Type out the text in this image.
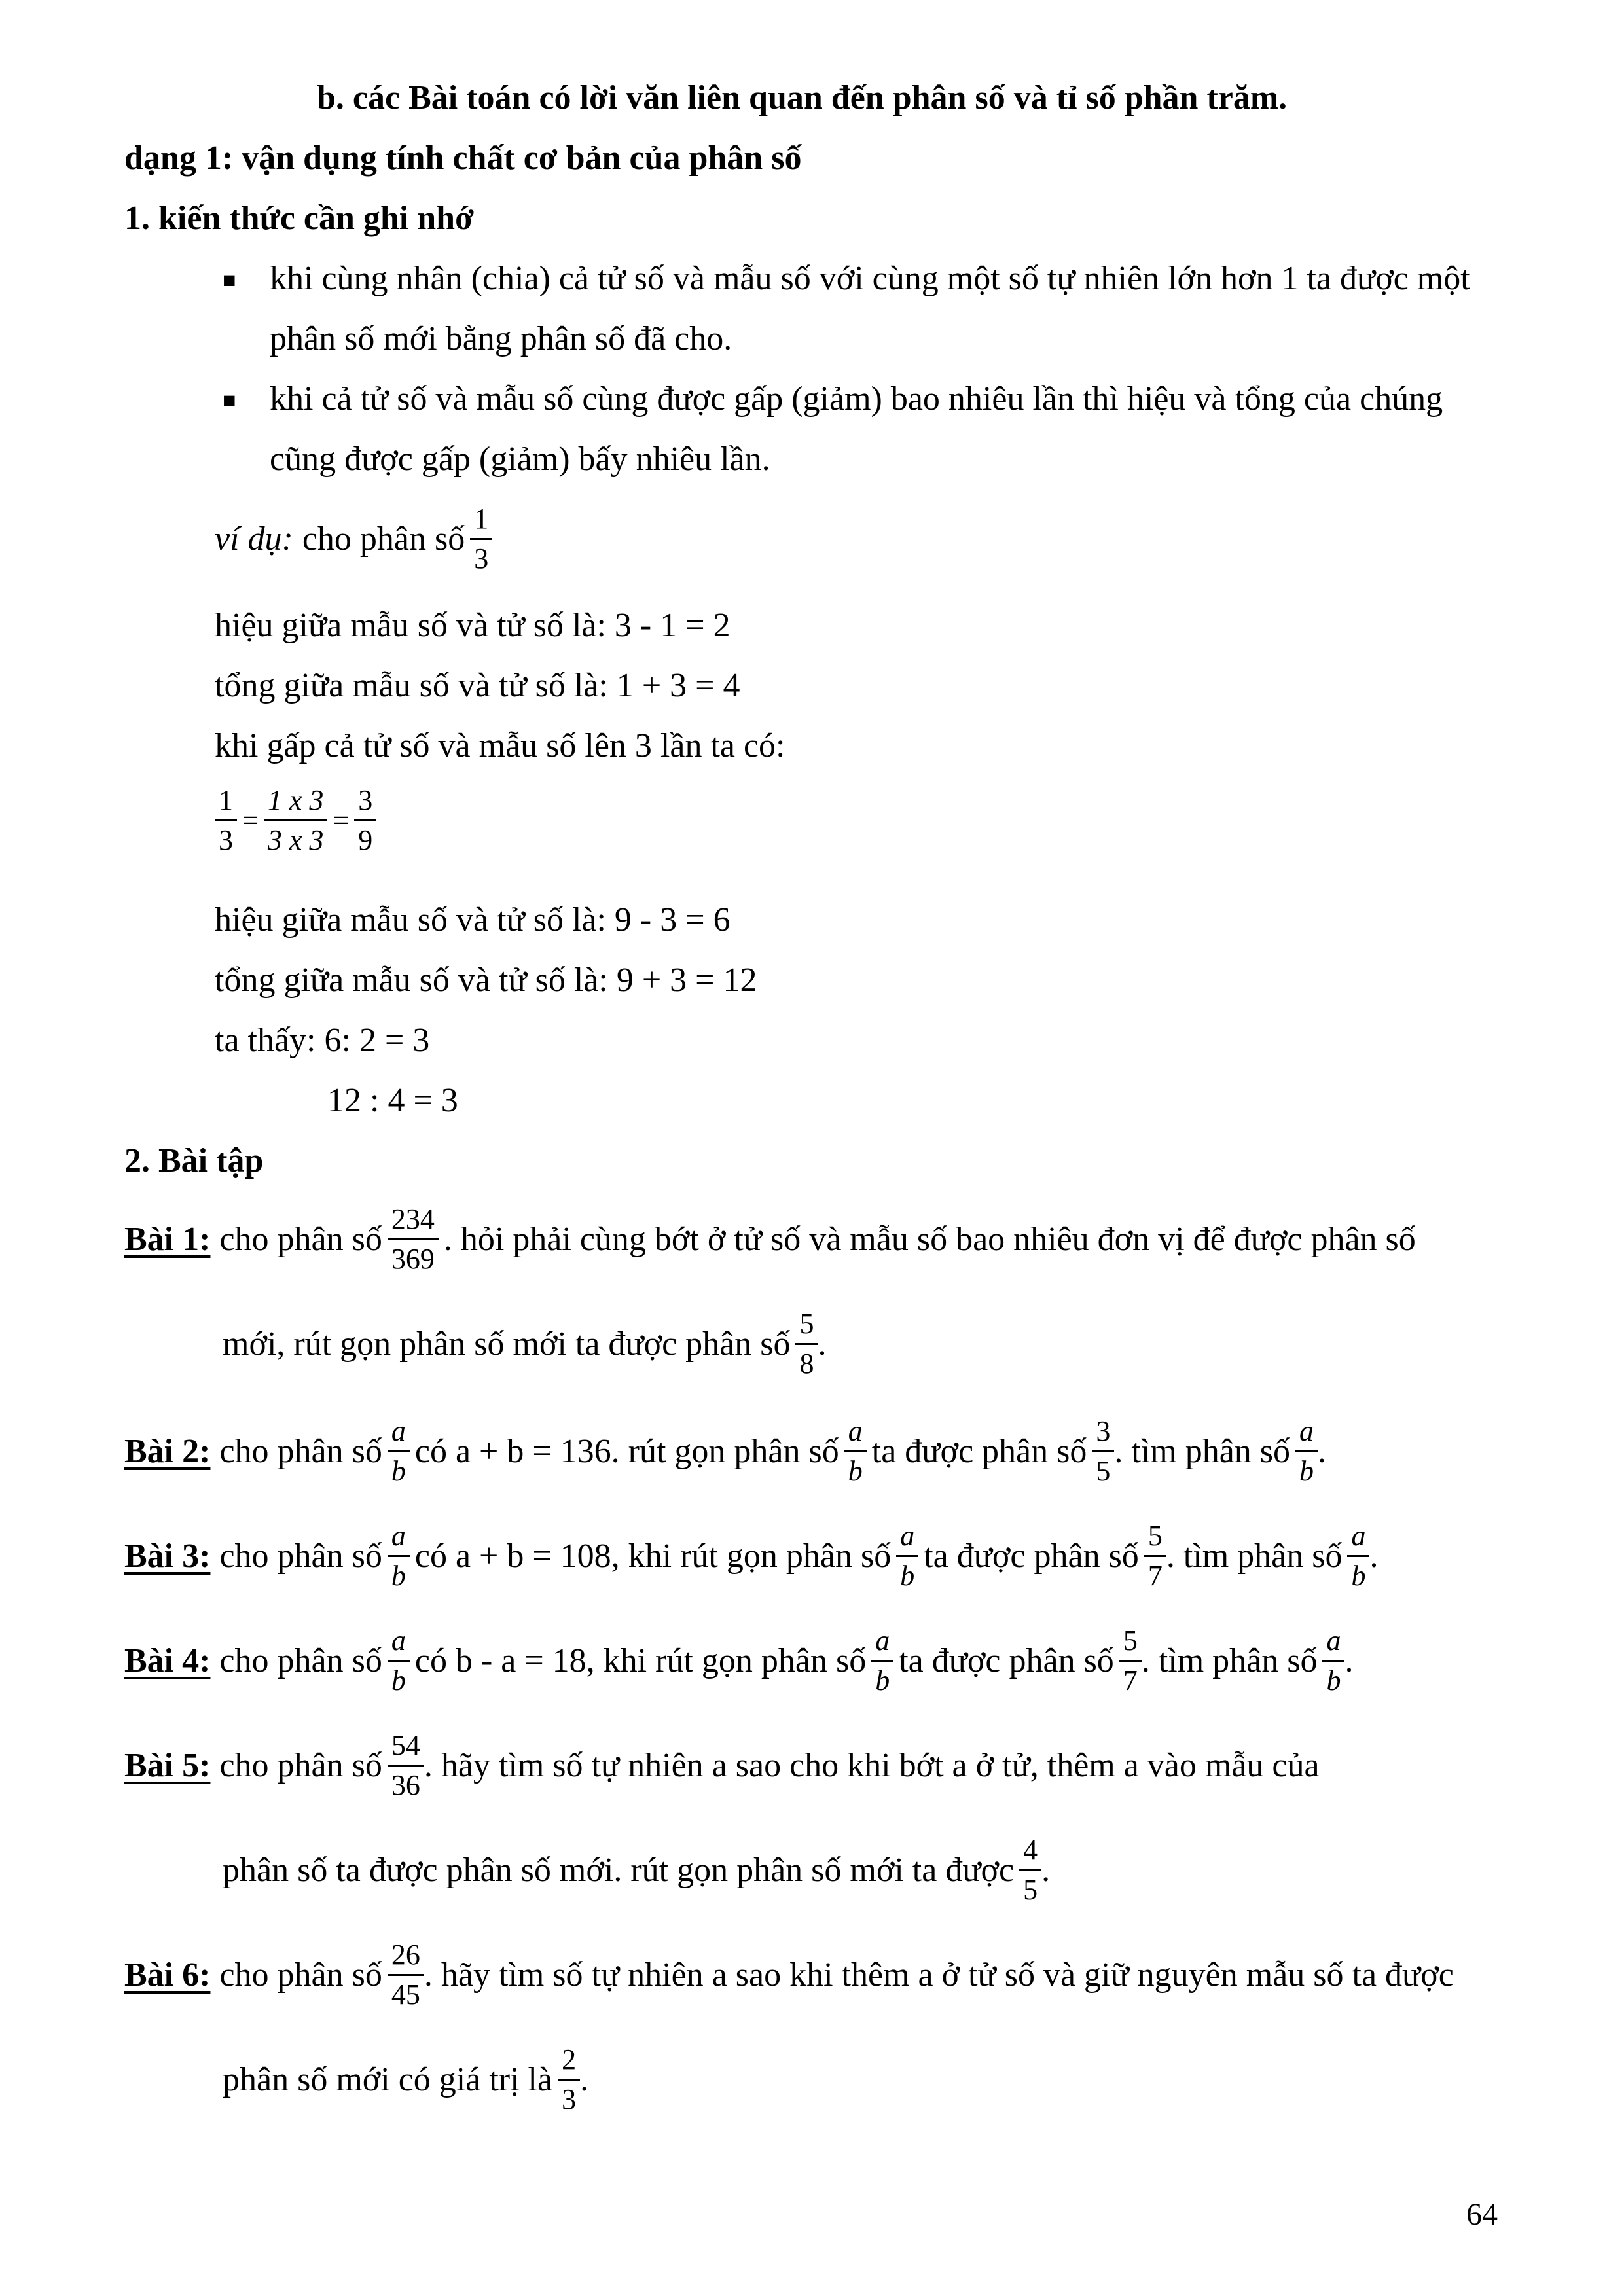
b. các Bài toán có lời văn liên quan đến phân số và tỉ số phần trăm.
dạng 1: vận dụng tính chất cơ bản của phân số
1. kiến thức cần ghi nhớ
■ khi cùng nhân (chia) cả tử số và mẫu số với cùng một số tự nhiên lớn hơn 1 ta được một
phân số mới bằng phân số đã cho.
■ khi cả tử số và mẫu số cùng được gấp (giảm) bao nhiêu lần thì hiệu và tổng của chúng
cũng được gấp (giảm) bấy nhiêu lần.
ví dụ: cho phân số $\frac{1}{3}$
hiệu giữa mẫu số và tử số là: 3 - 1 = 2
tổng giữa mẫu số và tử số là: 1 + 3 = 4
khi gấp cả tử số và mẫu số lên 3 lần ta có:
$\frac{1}{3} = \frac{1 x 3}{3 x 3} = \frac{3}{9}$
hiệu giữa mẫu số và tử số là: 9 - 3 = 6
tổng giữa mẫu số và tử số là: 9 + 3 = 12
ta thấy: 6: 2 = 3
12 : 4 = 3
2. Bài tập
Bài 1: cho phân số $\frac{234}{369}$ . hỏi phải cùng bớt ở tử số và mẫu số bao nhiêu đơn vị để được phân số
mới, rút gọn phân số mới ta được phân số $\frac{5}{8}$ .
Bài 2: cho phân số $\frac{a}{b}$ có a + b = 136. rút gọn phân số $\frac{a}{b}$ ta được phân số $\frac{3}{5}$ . tìm phân số $\frac{a}{b}$ .
Bài 3: cho phân số $\frac{a}{b}$ có a + b = 108, khi rút gọn phân số $\frac{a}{b}$ ta được phân số $\frac{5}{7}$ . tìm phân số $\frac{a}{b}$ .
Bài 4: cho phân số $\frac{a}{b}$ có b - a = 18, khi rút gọn phân số $\frac{a}{b}$ ta được phân số $\frac{5}{7}$ . tìm phân số $\frac{a}{b}$ .
Bài 5: cho phân số $\frac{54}{36}$ . hãy tìm số tự nhiên a sao cho khi bớt a ở tử, thêm a vào mẫu của
phân số ta được phân số mới. rút gọn phân số mới ta được $\frac{4}{5}$ .
Bài 6: cho phân số $\frac{26}{45}$ . hãy tìm số tự nhiên a sao khi thêm a ở tử số và giữ nguyên mẫu số ta được
phân số mới có giá trị là $\frac{2}{3}$ .
64
